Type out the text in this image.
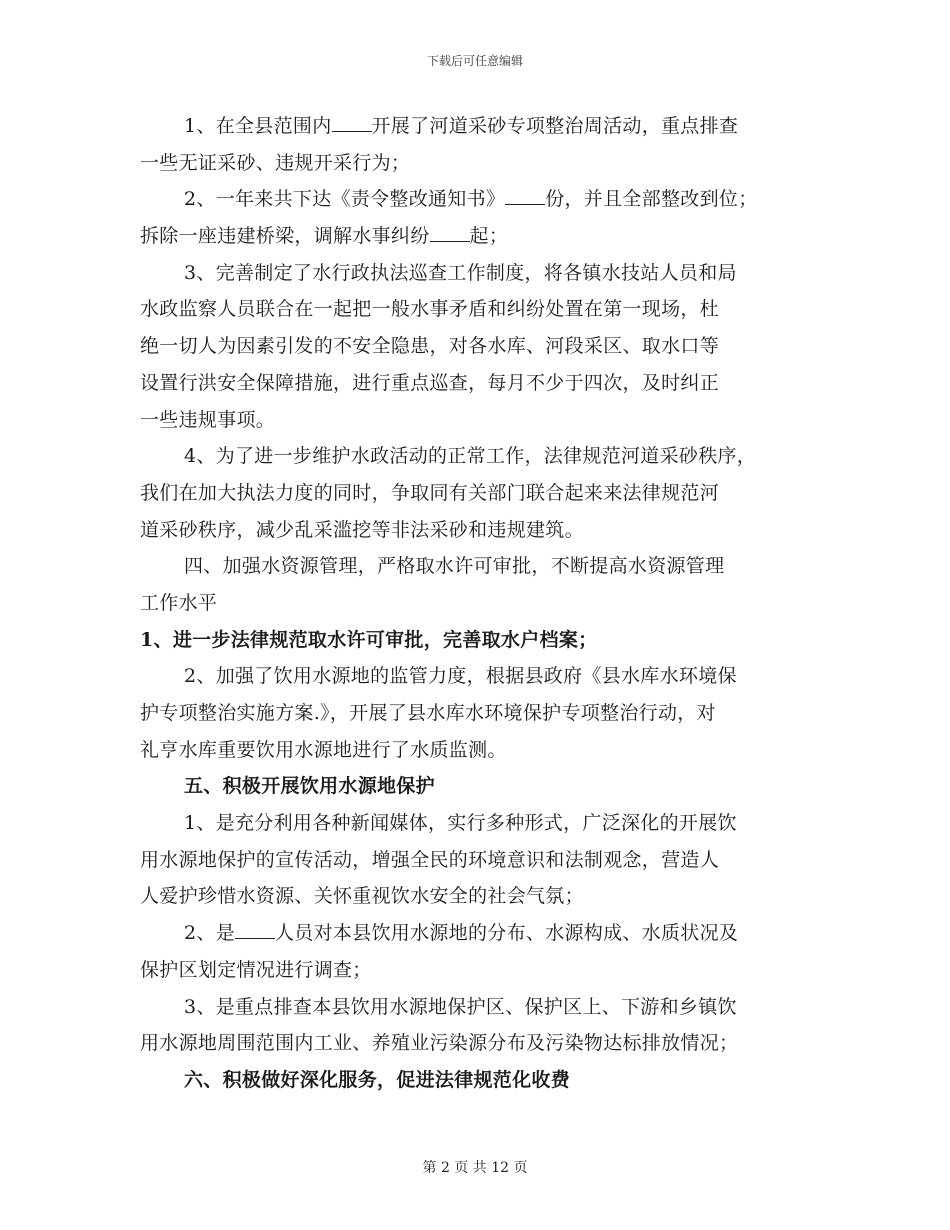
下载后可任意编辑
1、在全县范围内 开展了河道采砂专项整治周活动，重点排查
一些无证采砂、违规开采行为；
2、一年来共下达《责令整改通知书》 份，并且全部整改到位；
拆除一座违建桥梁，调解水事纠纷 起；
3、完善制定了水行政执法巡查工作制度，将各镇水技站人员和局
水政监察人员联合在一起把一般水事矛盾和纠纷处置在第一现场，杜
绝一切人为因素引发的不安全隐患，对各水库、河段采区、取水口等
设置行洪安全保障措施，进行重点巡查，每月不少于四次，及时纠正
一些违规事项。
4、为了进一步维护水政活动的正常工作，法律规范河道采砂秩序，
我们在加大执法力度的同时，争取同有关部门联合起来来法律规范河
道采砂秩序，减少乱采滥挖等非法采砂和违规建筑。
四、加强水资源管理，严格取水许可审批，不断提高水资源管理
工作水平
1、进一步法律规范取水许可审批，完善取水户档案；
2、加强了饮用水源地的监管力度，根据县政府《县水库水环境保
护专项整治实施方案.》，开展了县水库水环境保护专项整治行动，对
礼亨水库重要饮用水源地进行了水质监测。
五、积极开展饮用水源地保护
1、是充分利用各种新闻媒体，实行多种形式，广泛深化的开展饮
用水源地保护的宣传活动，增强全民的环境意识和法制观念，营造人
人爱护珍惜水资源、关怀重视饮水安全的社会气氛；
2、是 人员对本县饮用水源地的分布、水源构成、水质状况及
保护区划定情况进行调查；
3、是重点排查本县饮用水源地保护区、保护区上、下游和乡镇饮
用水源地周围范围内工业、养殖业污染源分布及污染物达标排放情况；
六、积极做好深化服务，促进法律规范化收费
第 2 页 共 12 页
